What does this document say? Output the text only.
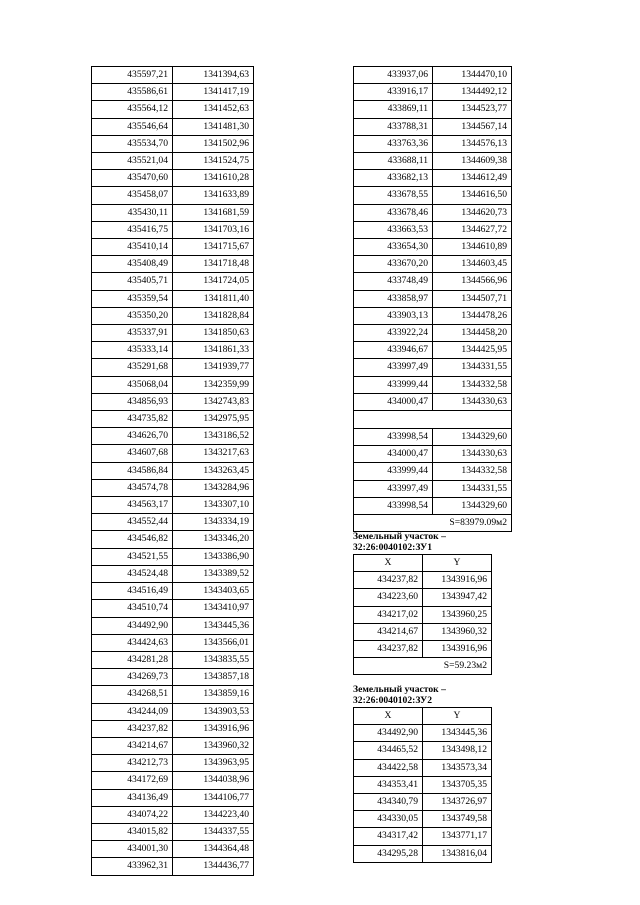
435597,21	1341394,63
435586,61	1341417,19
435564,12	1341452,63
435546,64	1341481,30
435534,70	1341502,96
435521,04	1341524,75
435470,60	1341610,28
435458,07	1341633,89
435430,11	1341681,59
435416,75	1341703,16
435410,14	1341715,67
435408,49	1341718,48
435405,71	1341724,05
435359,54	1341811,40
435350,20	1341828,84
435337,91	1341850,63
435333,14	1341861,33
435291,68	1341939,77
435068,04	1342359,99
434856,93	1342743,83
434735,82	1342975,95
434626,70	1343186,52
434607,68	1343217,63
434586,84	1343263,45
434574,78	1343284,96
434563,17	1343307,10
434552,44	1343334,19
434546,82	1343346,20
434521,55	1343386,90
434524,48	1343389,52
434516,49	1343403,65
434510,74	1343410,97
434492,90	1343445,36
434424,63	1343566,01
434281,28	1343835,55
434269,73	1343857,18
434268,51	1343859,16
434244,09	1343903,53
434237,82	1343916,96
434214,67	1343960,32
434212,73	1343963,95
434172,69	1344038,96
434136,49	1344106,77
434074,22	1344223,40
434015,82	1344337,55
434001,30	1344364,48
433962,31	1344436,77
433937,06	1344470,10
433916,17	1344492,12
433869,11	1344523,77
433788,31	1344567,14
433763,36	1344576,13
433688,11	1344609,38
433682,13	1344612,49
433678,55	1344616,50
433678,46	1344620,73
433663,53	1344627,72
433654,30	1344610,89
433670,20	1344603,45
433748,49	1344566,96
433858,97	1344507,71
433903,13	1344478,26
433922,24	1344458,20
433946,67	1344425,95
433997,49	1344331,55
433999,44	1344332,58
434000,47	1344330,63

433998,54	1344329,60
434000,47	1344330,63
433999,44	1344332,58
433997,49	1344331,55
433998,54	1344329,60
S=83979.09м2	
Земельный участок –
32:26:0040102:ЗУ1
X	Y
434237,82	1343916,96
434223,60	1343947,42
434217,02	1343960,25
434214,67	1343960,32
434237,82	1343916,96
S=59.23м2	
Земельный участок –
32:26:0040102:ЗУ2
X	Y
434492,90	1343445,36
434465,52	1343498,12
434422,58	1343573,34
434353,41	1343705,35
434340,79	1343726,97
434330,05	1343749,58
434317,42	1343771,17
434295,28	1343816,04
